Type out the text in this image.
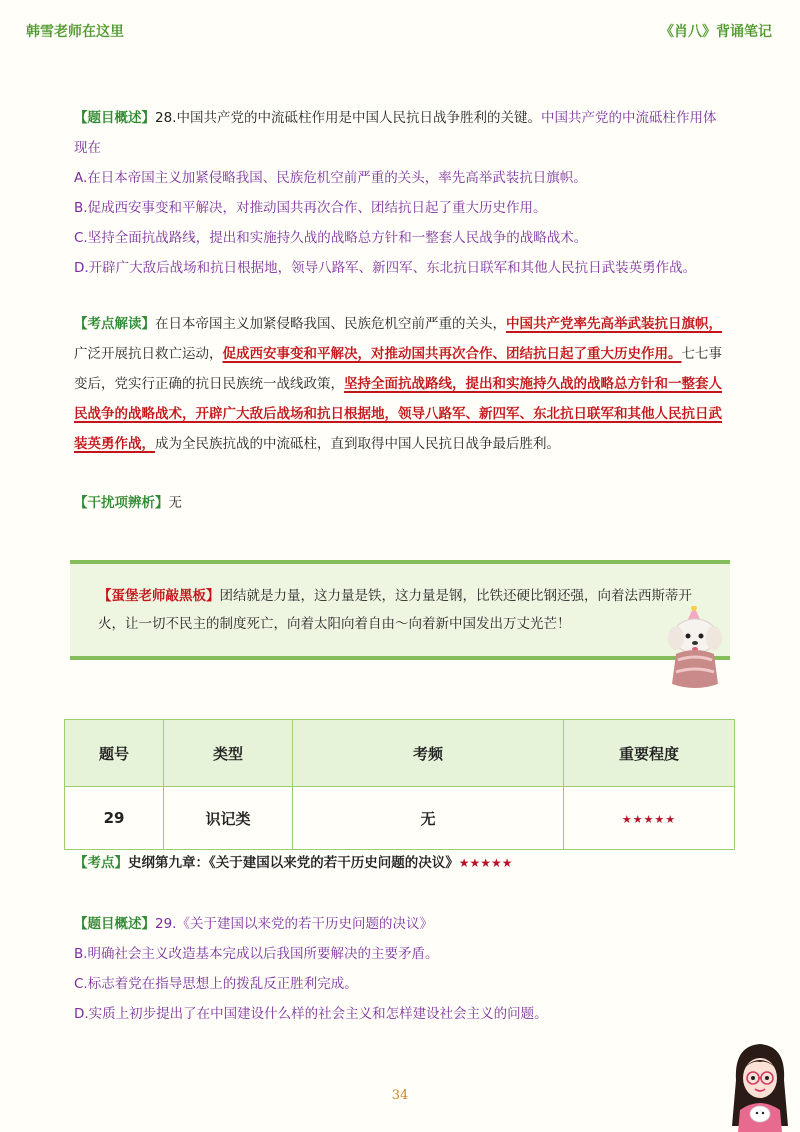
韩雪老师在这里	《肖八》背诵笔记
【题目概述】28.中国共产党的中流砥柱作用是中国人民抗日战争胜利的关键。中国共产党的中流砥柱作用体现在
A.在日本帝国主义加紧侵略我国、民族危机空前严重的关头，率先高举武装抗日旗帜。
B.促成西安事变和平解决，对推动国共再次合作、团结抗日起了重大历史作用。
C.坚持全面抗战路线，提出和实施持久战的战略总方针和一整套人民战争的战略战术。
D.开辟广大敌后战场和抗日根据地，领导八路军、新四军、东北抗日联军和其他人民抗日武装英勇作战。
【考点解读】在日本帝国主义加紧侵略我国、民族危机空前严重的关头，中国共产党率先高举武装抗日旗帜，广泛开展抗日救亡运动，促成西安事变和平解决，对推动国共再次合作、团结抗日起了重大历史作用。七七事变后，党实行正确的抗日民族统一战线政策，坚持全面抗战路线，提出和实施持久战的战略总方针和一整套人民战争的战略战术，开辟广大敌后战场和抗日根据地，领导八路军、新四军、东北抗日联军和其他人民抗日武装英勇作战，成为全民族抗战的中流砥柱，直到取得中国人民抗日战争最后胜利。
【干扰项辨析】无
【蛋堡老师敲黑板】团结就是力量，这力量是铁，这力量是钢，比铁还硬比钢还强，向着法西斯蒂开火，让一切不民主的制度死亡，向着太阳向着自由～向着新中国发出万丈光芒！
题号	类型	考频	重要程度
29	识记类	无	★★★★★
【考点】史纲第九章：《关于建国以来党的若干历史问题的决议》★★★★★
【题目概述】29.《关于建国以来党的若干历史问题的决议》
B.明确社会主义改造基本完成以后我国所要解决的主要矛盾。
C.标志着党在指导思想上的拨乱反正胜利完成。
D.实质上初步提出了在中国建设什么样的社会主义和怎样建设社会主义的问题。
34
